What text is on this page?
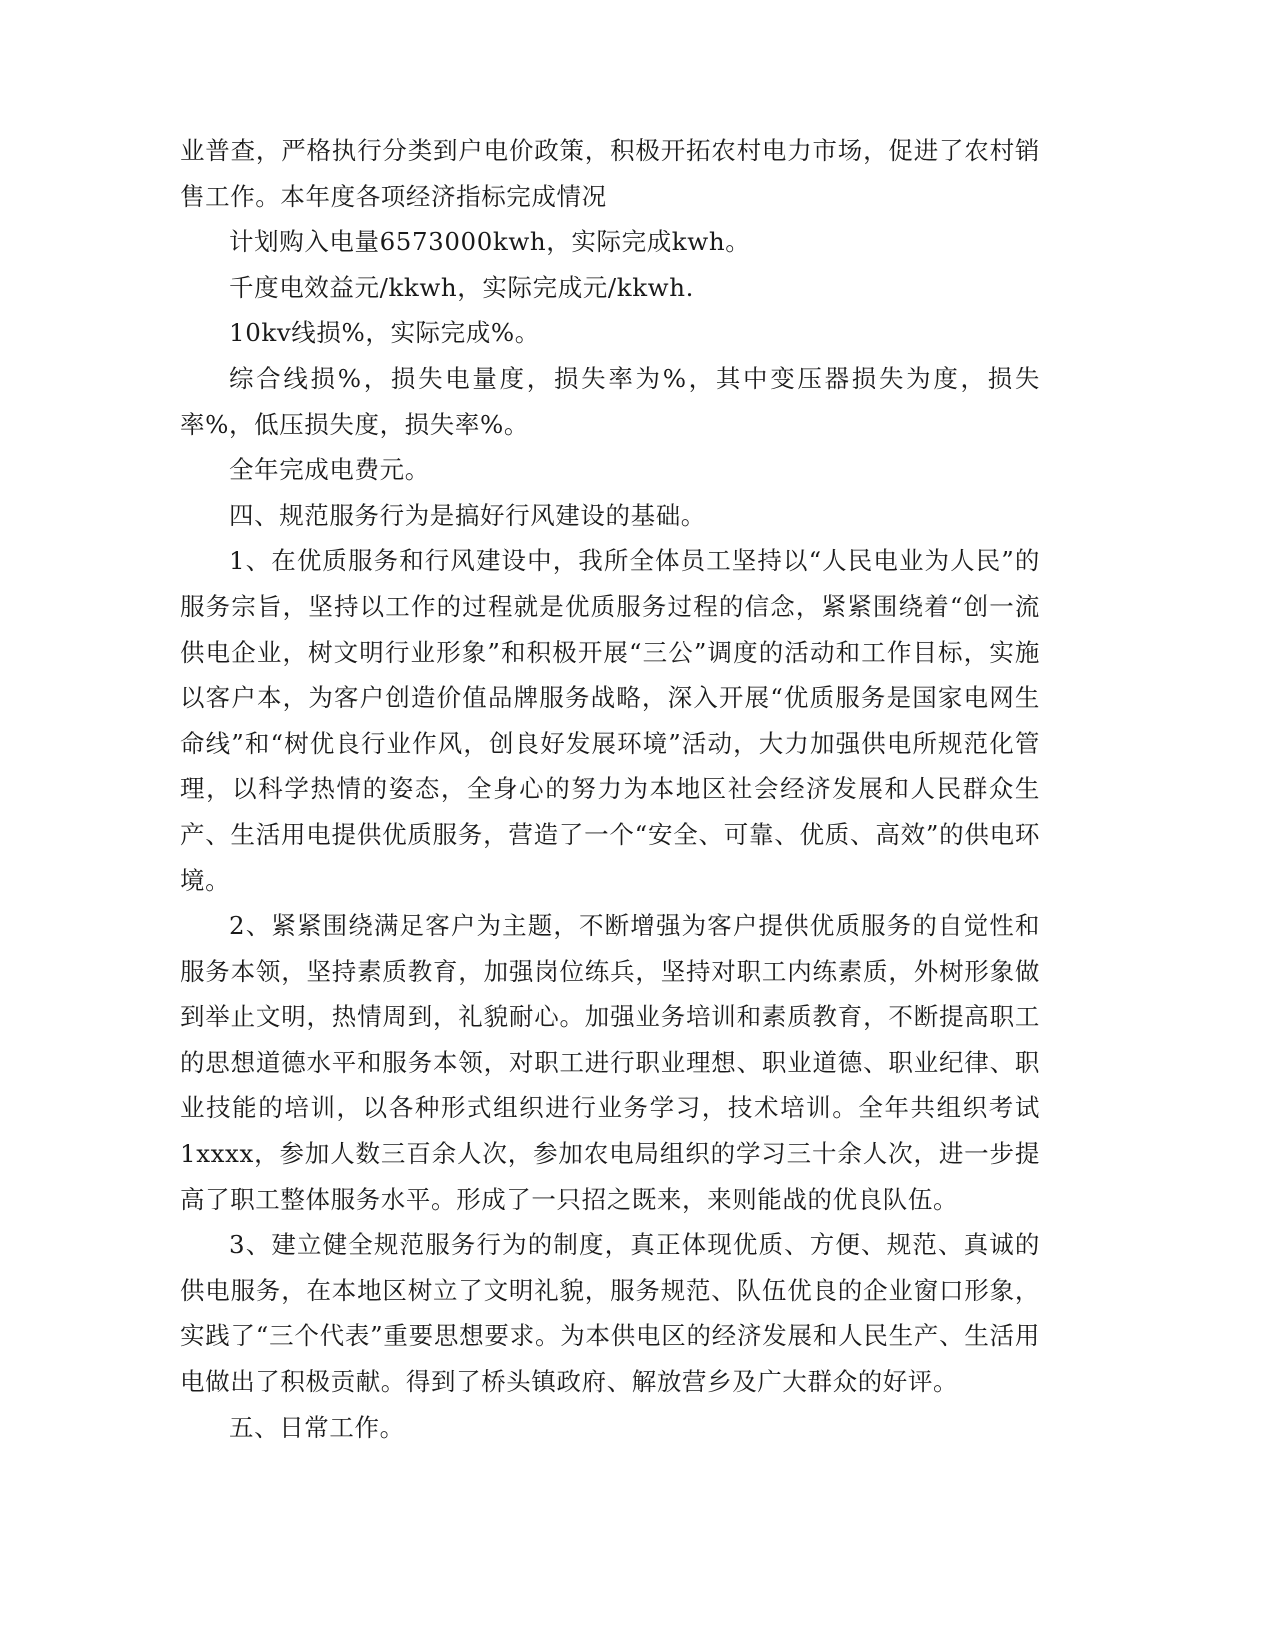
业普查，严格执行分类到户电价政策，积极开拓农村电力市场，促进了农村销售工作。本年度各项经济指标完成情况

计划购入电量6573000kwh，实际完成kwh。

千度电效益元/kkwh，实际完成元/kkwh.

10kv线损%，实际完成%。

综合线损%，损失电量度，损失率为%，其中变压器损失为度，损失率%，低压损失度，损失率%。

全年完成电费元。

四、规范服务行为是搞好行风建设的基础。

1、在优质服务和行风建设中，我所全体员工坚持以“人民电业为人民”的服务宗旨，坚持以工作的过程就是优质服务过程的信念，紧紧围绕着“创一流供电企业，树文明行业形象”和积极开展“三公”调度的活动和工作目标，实施以客户本，为客户创造价值品牌服务战略，深入开展“优质服务是国家电网生命线”和“树优良行业作风，创良好发展环境”活动，大力加强供电所规范化管理，以科学热情的姿态，全身心的努力为本地区社会经济发展和人民群众生产、生活用电提供优质服务，营造了一个“安全、可靠、优质、高效”的供电环境。

2、紧紧围绕满足客户为主题，不断增强为客户提供优质服务的自觉性和服务本领，坚持素质教育，加强岗位练兵，坚持对职工内练素质，外树形象做到举止文明，热情周到，礼貌耐心。加强业务培训和素质教育，不断提高职工的思想道德水平和服务本领，对职工进行职业理想、职业道德、职业纪律、职业技能的培训，以各种形式组织进行业务学习，技术培训。全年共组织考试1xxxx，参加人数三百余人次，参加农电局组织的学习三十余人次，进一步提高了职工整体服务水平。形成了一只招之既来，来则能战的优良队伍。

3、建立健全规范服务行为的制度，真正体现优质、方便、规范、真诚的供电服务，在本地区树立了文明礼貌，服务规范、队伍优良的企业窗口形象，实践了“三个代表”重要思想要求。为本供电区的经济发展和人民生产、生活用电做出了积极贡献。得到了桥头镇政府、解放营乡及广大群众的好评。

五、日常工作。
